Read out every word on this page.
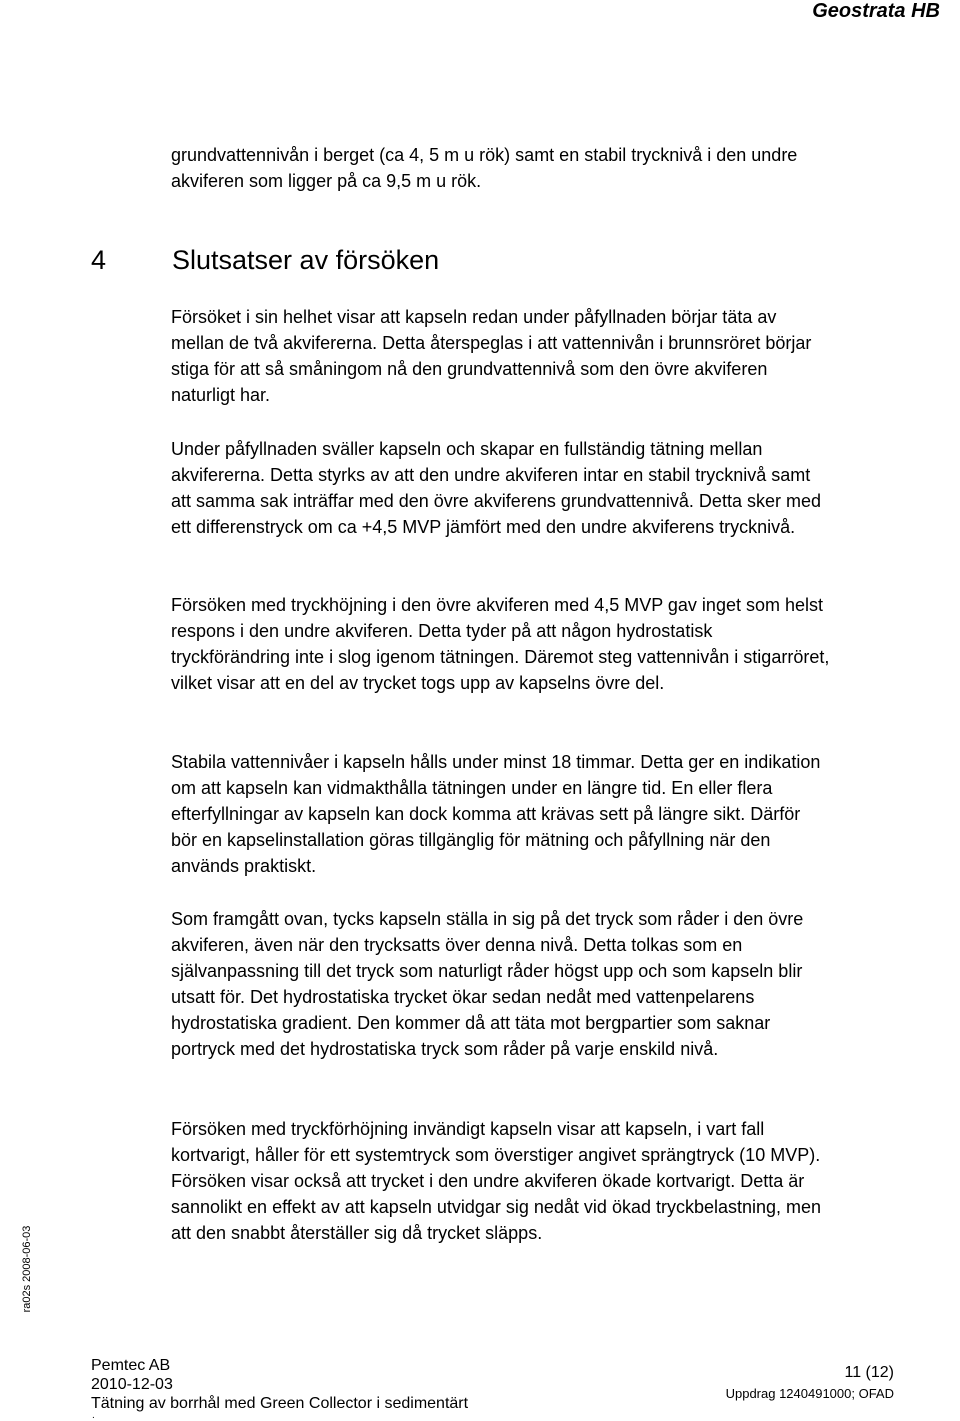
Geostrata HB

grundvattennivån i berget (ca 4, 5 m u rök) samt en stabil trycknivå i den undre akviferen som ligger på ca 9,5 m u rök.

4 Slutsatser av försöken

Försöket i sin helhet visar att kapseln redan under påfyllnaden börjar täta av mellan de två akvifererna. Detta återspeglas i att vattennivån i brunnsröret börjar stiga för att så småningom nå den grundvattennivå som den övre akviferen naturligt har.

Under påfyllnaden sväller kapseln och skapar en fullständig tätning mellan akvifererna. Detta styrks av att den undre akviferen intar en stabil trycknivå samt att samma sak inträffar med den övre akviferens grundvattennivå. Detta sker med ett differenstryck om ca +4,5 MVP jämfört med den undre akviferens trycknivå.

Försöken med tryckhöjning i den övre akviferen med 4,5 MVP gav inget som helst respons i den undre akviferen. Detta tyder på att någon hydrostatisk tryckförändring inte i slog igenom tätningen. Däremot steg vattennivån i stigarröret, vilket visar att en del av trycket togs upp av kapselns övre del.

Stabila vattennivåer i kapseln hålls under minst 18 timmar. Detta ger en indikation om att kapseln kan vidmakthålla tätningen under en längre tid. En eller flera efterfyllningar av kapseln kan dock komma att krävas sett på längre sikt. Därför bör en kapselinstallation göras tillgänglig för mätning och påfyllning när den används praktiskt.

Som framgått ovan, tycks kapseln ställa in sig på det tryck som råder i den övre akviferen, även när den trycksatts över denna nivå. Detta tolkas som en självanpassning till det tryck som naturligt råder högst upp och som kapseln blir utsatt för. Det hydrostatiska trycket ökar sedan nedåt med vattenpelarens hydrostatiska gradient. Den kommer då att täta mot bergpartier som saknar portryck med det hydrostatiska tryck som råder på varje enskild nivå.

Försöken med tryckförhöjning invändigt kapseln visar att kapseln, i vart fall kortvarigt, håller för ett systemtryck som överstiger angivet sprängtryck (10 MVP). Försöken visar också att trycket i den undre akviferen ökade kortvarigt. Detta är sannolikt en effekt av att kapseln utvidgar sig nedåt vid ökad tryckbelastning, men att den snabbt återställer sig då trycket släpps.

ra02s 2008-06-03
Pemtec AB
2010-12-03
Tätning av borrhål med Green Collector i sedimentärt
11 (12)
Uppdrag 1240491000; OFAD
.
